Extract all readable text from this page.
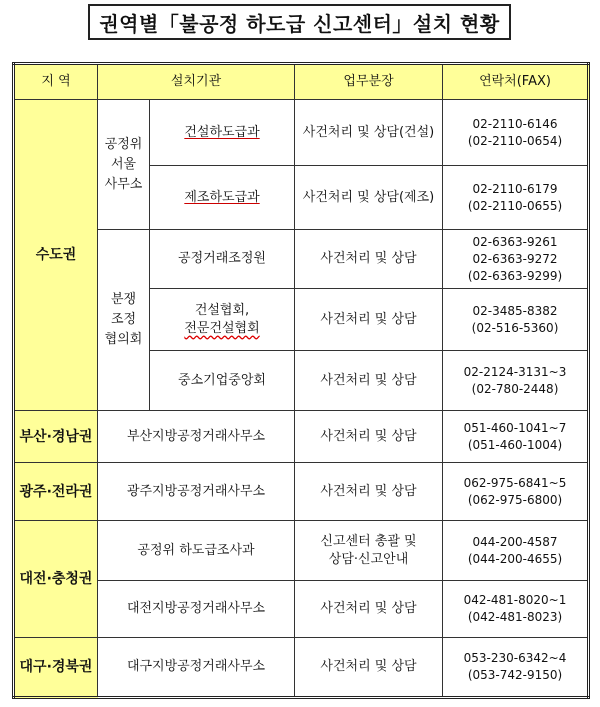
권역별「불공정 하도급 신고센터」설치 현황
지 역	설치기관		업무분장	연락처(FAX)
수도권	공정위
서울
사무소	건설하도급과	사건처리 및 상담(건설)	02-2110-6146
(02-2110-0654)

		제조하도급과	사건처리 및 상담(제조)	02-2110-6179
(02-2110-0655)

	분쟁
조정
협의회	공정거래조정원	사건처리 및 상담	02-6363-9261
02-6363-9272
(02-6363-9299)

		건설협회,
전문건설협회	사건처리 및 상담	02-3485-8382
(02-516-5360)

		중소기업중앙회	사건처리 및 상담	02-2124-3131~3
(02-780-2448)

부산·경남권	부산지방공정거래사무소		사건처리 및 상담	051-460-1041~7
(051-460-1004)

광주·전라권	광주지방공정거래사무소		사건처리 및 상담	062-975-6841~5
(062-975-6800)

대전·충청권	공정위 하도급조사과		신고센터 총괄 및
상담·신고안내	044-200-4587
(044-200-4655)

	대전지방공정거래사무소		사건처리 및 상담	042-481-8020~1
(042-481-8023)

대구·경북권	대구지방공정거래사무소		사건처리 및 상담	053-230-6342~4
(053-742-9150)
